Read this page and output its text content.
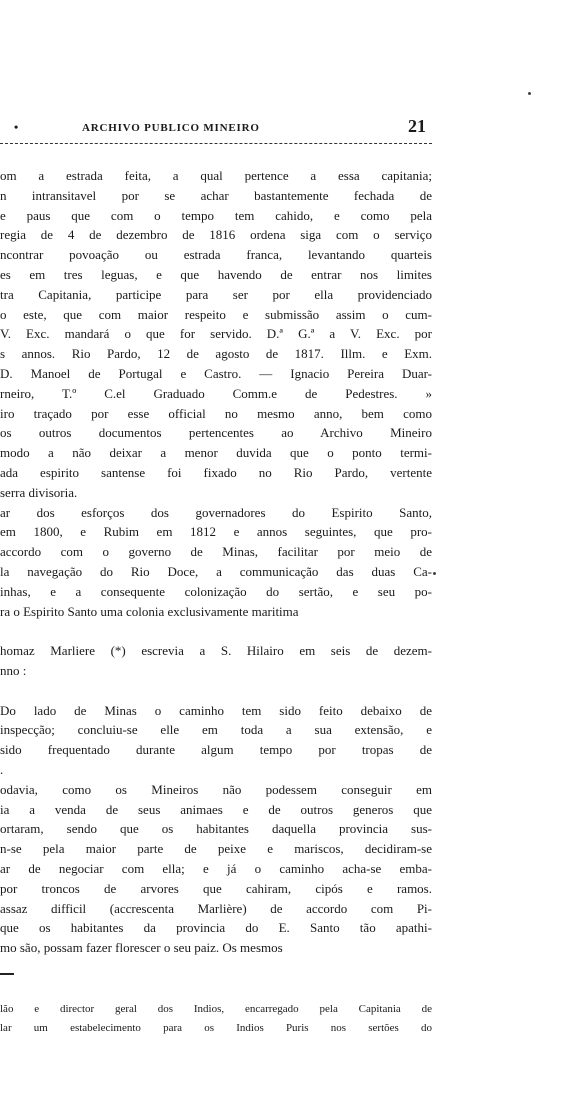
•	ARCHIVO PUBLICO MINEIRO	21
om a estrada feita, a qual pertence a essa capitania;
n intransitavel por se achar bastantemente fechada de
e paus que com o tempo tem cahido, e como pela
regia de 4 de dezembro de 1816 ordena siga com o serviço
ncontrar povoação ou estrada franca, levantando quarteis
es em tres leguas, e que havendo de entrar nos limites
tra Capitania, participe para ser por ella providenciado
o este, que com maior respeito e submissão assim o cum-
V. Exc. mandará o que for servido. D.ª G.ª a V. Exc. por
s annos. Rio Pardo, 12 de agosto de 1817. Illm. e Exm.
D. Manoel de Portugal e Castro. — Ignacio Pereira Duar-
rneiro, T.º C.el Graduado Comm.e de Pedestres. »
iro traçado por esse official no mesmo anno, bem como
os outros documentos pertencentes ao Archivo Mineiro
modo a não deixar a menor duvida que o ponto termi-
ada espirito santense foi fixado no Rio Pardo, vertente
serra divisoria.
ar dos esforços dos governadores do Espirito Santo,
em 1800, e Rubim em 1812 e annos seguintes, que pro-
accordo com o governo de Minas, facilitar por meio de
la navegação do Rio Doce, a communicação das duas Ca-
inhas, e a consequente colonização do sertão, e seu po-
ra o Espirito Santo uma colonia exclusivamente maritima
homaz Marliere (*) escrevia a S. Hilairo em seis de dezem-
nno :
Do lado de Minas o caminho tem sido feito debaixo de
inspecção; concluiu-se elle em toda a sua extensão, e
sido frequentado durante algum tempo por tropas de
.
odavia, como os Mineiros não podessem conseguir em
ia a venda de seus animaes e de outros generos que
ortaram, sendo que os habitantes daquella provincia sus-
n-se pela maior parte de peixe e mariscos, decidiram-se
ar de negociar com ella; e já o caminho acha-se emba-
por troncos de arvores que cahiram, cipós e ramos.
assaz difficil (accrescenta Marlière) de accordo com Pi-
que os habitantes da provincia do E. Santo tão apathi-
mo são, possam fazer florescer o seu paiz. Os mesmos
lão e director geral dos Indios, encarregado pela Capitania de
lar um estabelecimento para os Indios Puris nos sertões do
